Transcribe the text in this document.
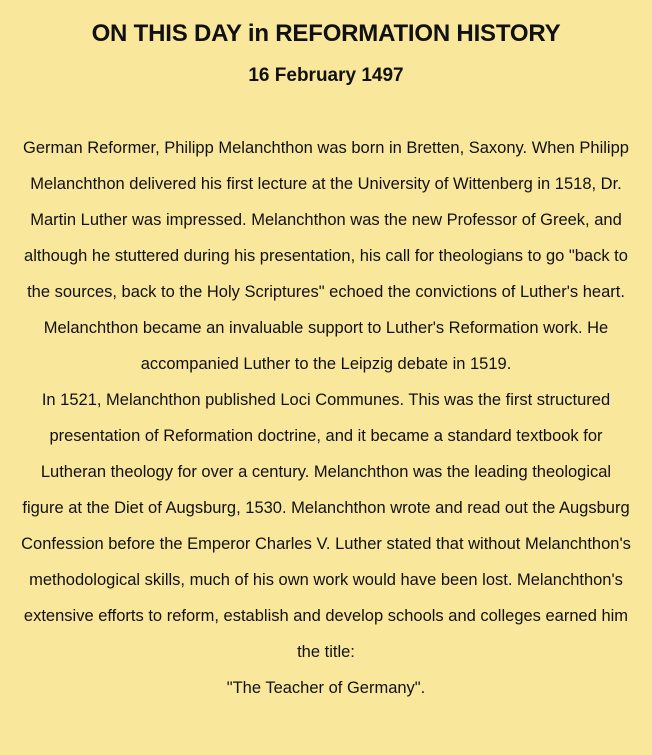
ON THIS DAY in REFORMATION HISTORY
16 February 1497

German Reformer, Philipp Melanchthon was born in Bretten, Saxony. When Philipp Melanchthon delivered his first lecture at the University of Wittenberg in 1518, Dr. Martin Luther was impressed. Melanchthon was the new Professor of Greek, and although he stuttered during his presentation, his call for theologians to go "back to the sources, back to the Holy Scriptures" echoed the convictions of Luther's heart.

Melanchthon became an invaluable support to Luther's Reformation work. He accompanied Luther to the Leipzig debate in 1519.

In 1521, Melanchthon published Loci Communes. This was the first structured presentation of Reformation doctrine, and it became a standard textbook for Lutheran theology for over a century. Melanchthon was the leading theological figure at the Diet of Augsburg, 1530. Melanchthon wrote and read out the Augsburg Confession before the Emperor Charles V. Luther stated that without Melanchthon's methodological skills, much of his own work would have been lost. Melanchthon's extensive efforts to reform, establish and develop schools and colleges earned him the title:

"The Teacher of Germany".
